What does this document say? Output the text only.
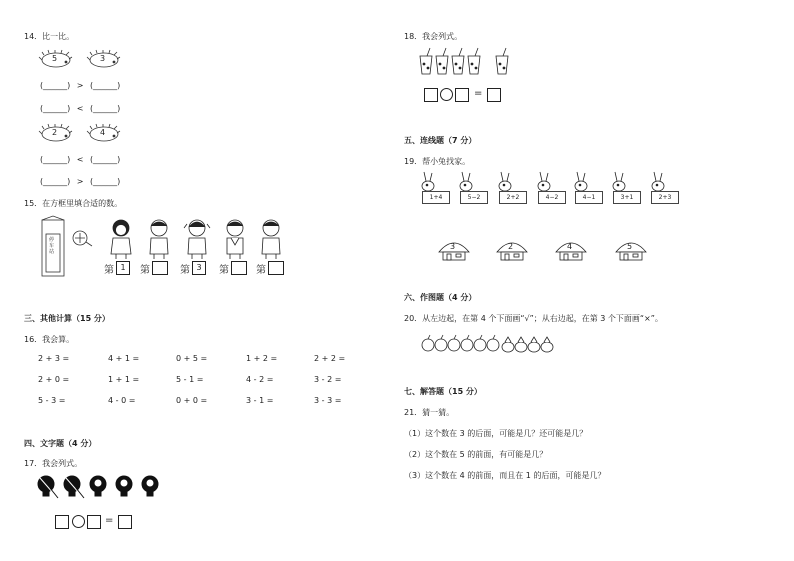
14．比一比。
5	3
(______) > (______)
(______) < (______)
2	4
(______) < (______)
(______) > (______)
15．在方框里填合适的数。
停 车 站
第 1	第	第 3	第	第
三、其他计算（15 分）
16．我会算。
2 + 3 =	4 + 1 =	0 + 5 =	1 + 2 =	2 + 2 =
2 + 0 =	1 + 1 =	5 - 1 =	4 - 2 =	3 - 2 =
5 - 3 =	4 - 0 =	0 + 0 =	3 - 1 =	3 - 3 =
四、文字题（4 分）
17．我会列式。
=
18．我会列式。
=
五、连线题（7 分）
19．帮小兔找家。
1+4	5−2	2+2	4−2	4−1	3+1	2+3
3	2	4	5
六、作图题（4 分）
20．从左边起，在第 4 个下面画“√”；从右边起，在第 3 个下面画“×”。
七、解答题（15 分）
21．猜一猜。
（1）这个数在 3 的后面，可能是几？还可能是几？
（2）这个数在 5 的前面，有可能是几？
（3）这个数在 4 的前面，而且在 1 的后面，可能是几？
